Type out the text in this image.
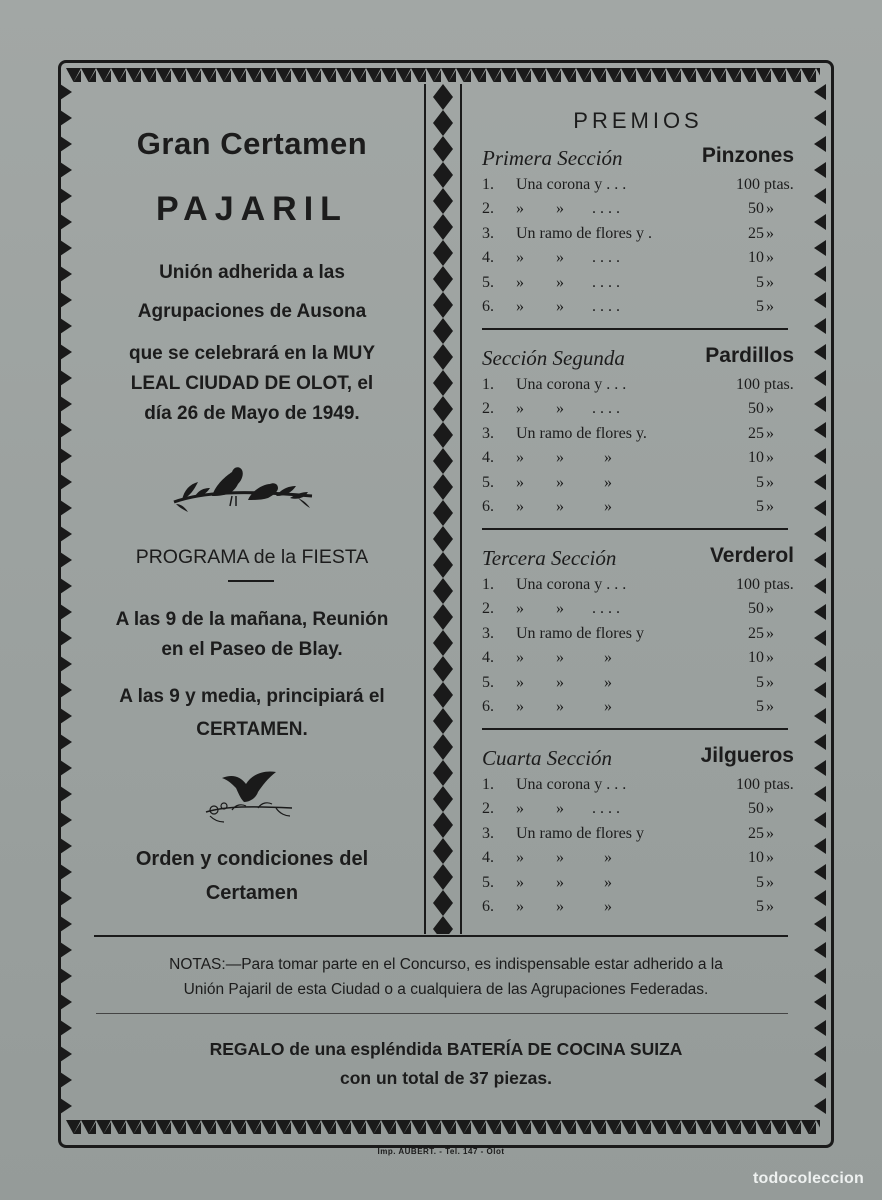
Gran Certamen
PAJARIL
Unión adherida a las
Agrupaciones de Ausona
que se celebrará en la MUY
LEAL CIUDAD DE OLOT, el
día 26 de Mayo de 1949.
PROGRAMA de la FIESTA
A las 9 de la mañana, Reunión
en el Paseo de Blay.
A las 9 y media, principiará el
CERTAMEN.
Orden y condiciones del
Certamen
PREMIOS
Primera Sección	Pinzones
1. Una corona y . . .	100 ptas.
2. »        »       . . . .	50 »
3. Un ramo de flores y .	25 »
4. »        »       . . . .	10 »
5. »        »       . . . .	5 »
6. »        »       . . . .	5 »
Sección Segunda	Pardillos
1. Una corona y . . .	100 ptas.
2. »        »       . . . .	50 »
3. Un ramo de flores y.	25 »
4. »        »          »	10 »
5. »        »          »	5 »
6. »        »          »	5 »
Tercera Sección	Verderol
1. Una corona y . . .	100 ptas.
2. »        »       . . . .	50 »
3. Un ramo de flores y	25 »
4. »        »          »	10 »
5. »        »          »	5 »
6. »        »          »	5 »
Cuarta Sección	Jilgueros
1. Una corona y . . .	100 ptas.
2. »        »       . . . .	50 »
3. Un ramo de flores y	25 »
4. »        »          »	10 »
5. »        »          »	5 »
6. »        »          »	5 »
NOTAS:—Para tomar parte en el Concurso, es indispensable estar adherido a la
Unión Pajaril de esta Ciudad o a cualquiera de las Agrupaciones Federadas.
REGALO de una espléndida BATERÍA DE COCINA SUIZA
con un total de 37 piezas.
Imp. AUBERT. - Tel. 147 - Olot
todocoleccion
